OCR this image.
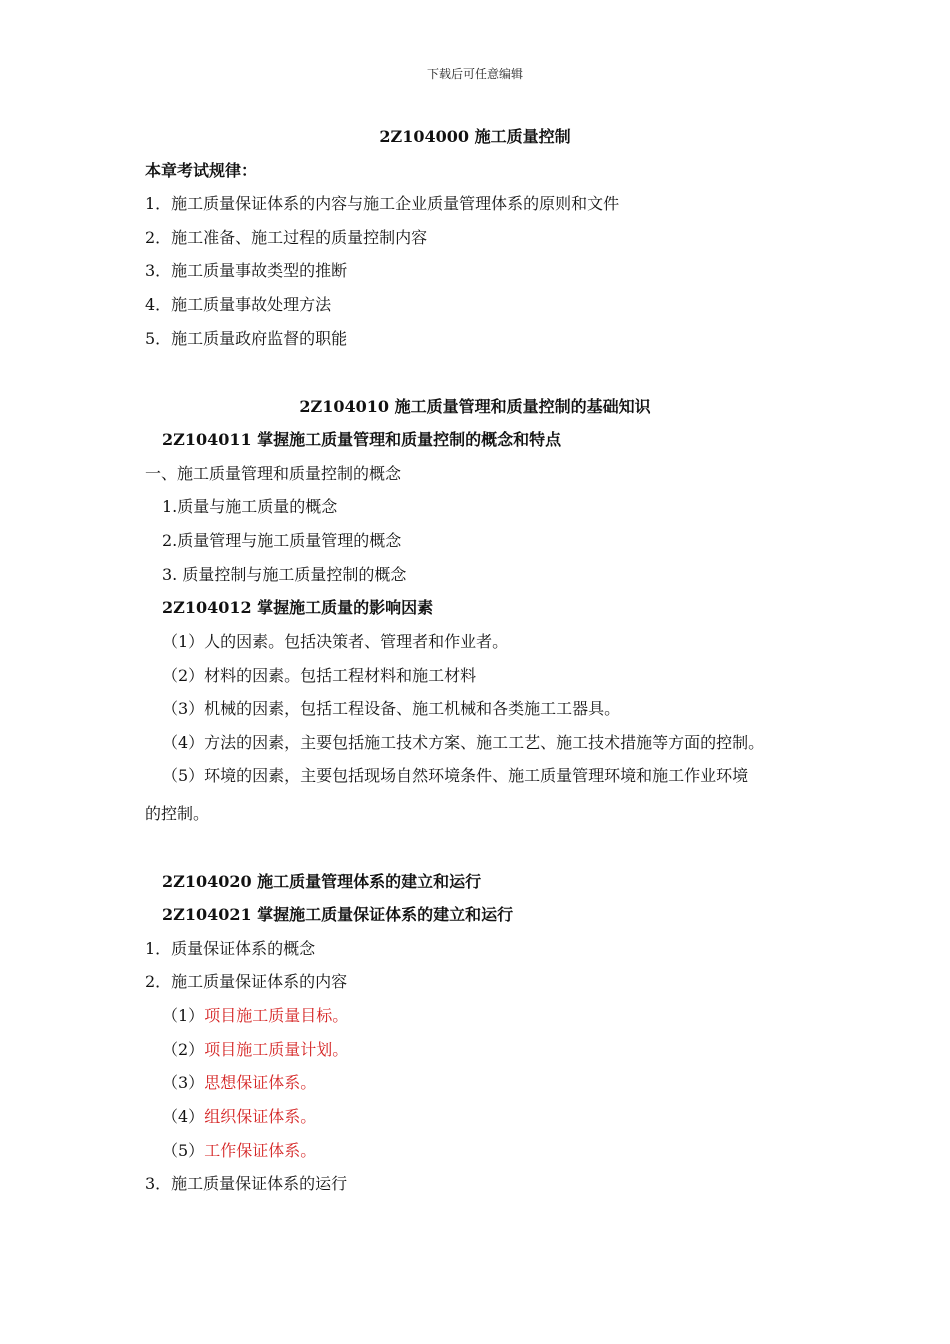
下载后可任意编辑
2Z104000 施工质量控制
本章考试规律：
1．施工质量保证体系的内容与施工企业质量管理体系的原则和文件
2．施工准备、施工过程的质量控制内容
3．施工质量事故类型的推断
4．施工质量事故处理方法
5．施工质量政府监督的职能
2Z104010 施工质量管理和质量控制的基础知识
2Z104011 掌握施工质量管理和质量控制的概念和特点
一、施工质量管理和质量控制的概念
1.质量与施工质量的概念
2.质量管理与施工质量管理的概念
3. 质量控制与施工质量控制的概念
2Z104012 掌握施工质量的影响因素
（1）人的因素。包括决策者、管理者和作业者。
（2）材料的因素。包括工程材料和施工材料
（3）机械的因素，包括工程设备、施工机械和各类施工工器具。
（4）方法的因素，主要包括施工技术方案、施工工艺、施工技术措施等方面的控制。
（5）环境的因素，主要包括现场自然环境条件、施工质量管理环境和施工作业环境
的控制。
2Z104020 施工质量管理体系的建立和运行
2Z104021 掌握施工质量保证体系的建立和运行
1．质量保证体系的概念
2．施工质量保证体系的内容
（1）项目施工质量目标。
（2）项目施工质量计划。
（3）思想保证体系。
（4）组织保证体系。
（5）工作保证体系。
3．施工质量保证体系的运行
